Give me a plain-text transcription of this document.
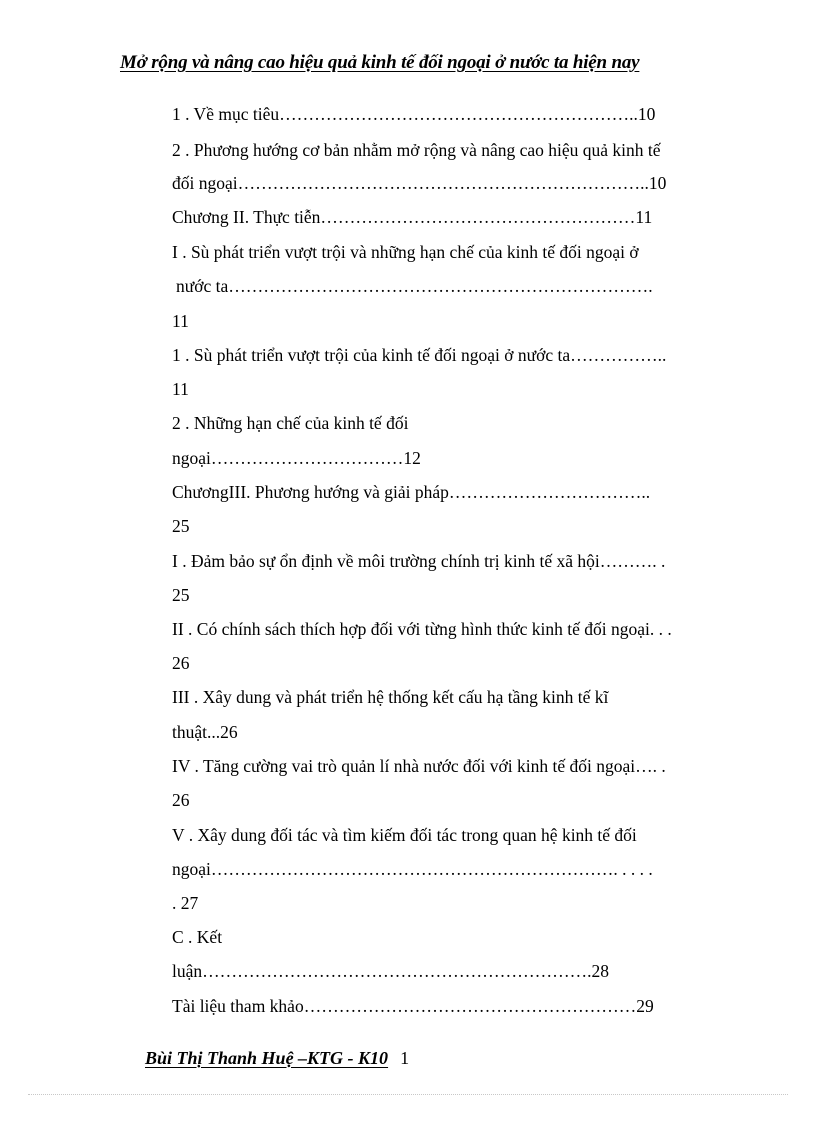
Mở rộng và nâng cao hiệu quả kinh tế đối ngoại ở nước ta hiện nay
1 . Về mục tiêu……………………………………………………..10
2 . Phương hướng cơ bản nhằm mở rộng và nâng cao hiệu quả kinh tế
đối ngoại……………………………………………………………..10
Chương II. Thực tiễn………………………………………………11
I . Sù phát triển vượt trội và những hạn chế của kinh tế đối ngoại ở
nước ta……………………………………………………………….
11
1 . Sù phát triển vượt trội của kinh tế đối ngoại ở nước ta……………..
11
2 . Những hạn chế của kinh tế đối
ngoại……………………………12
ChươngIII. Phương hướng và giải pháp……………………………..
25
I . Đảm bảo sự ổn định về môi trường chính trị kinh tế xã hội………. .
25
II . Có chính sách thích hợp đối với từng hình thức kinh tế đối ngoại. . .
26
III . Xây dung và phát triển hệ thống kết cấu hạ tầng kinh tế kĩ
thuật...26
IV . Tăng cường vai trò quản lí nhà nước đối với kinh tế đối ngoại…. .
26
V . Xây dung đối tác và tìm kiếm đối tác trong quan hệ kinh tế đối
ngoại……………………………………………………………. . . . .
. 27
C . Kết
luận………………………………………………………….28
Tài liệu tham khảo…………………………………………………29
Bùi Thị Thanh Huệ –KTG - K10 1
